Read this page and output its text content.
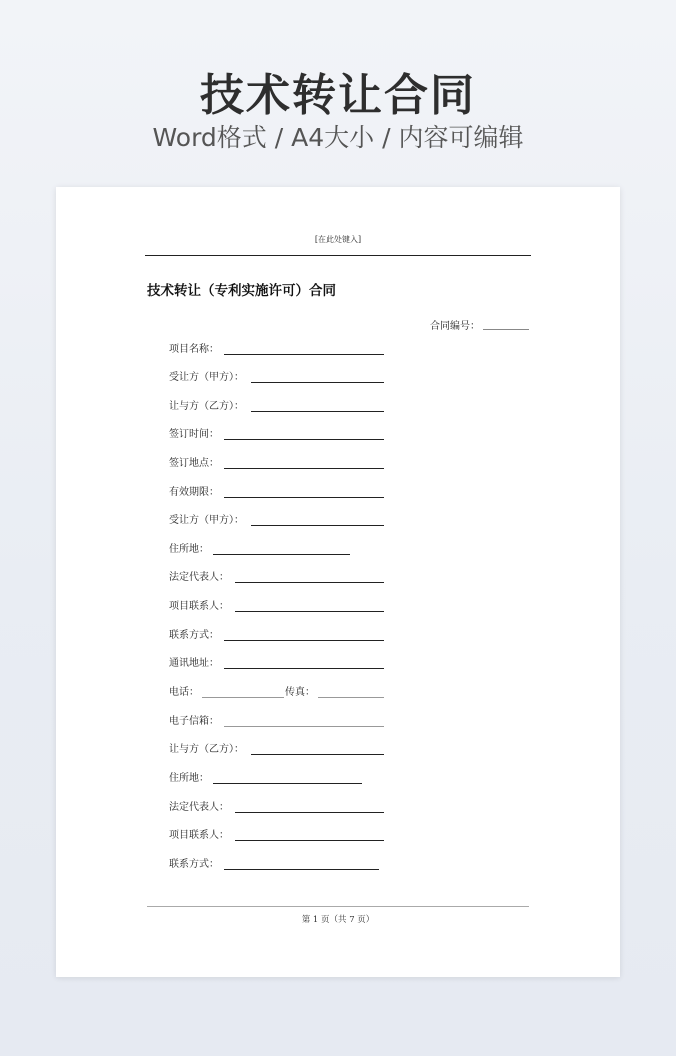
技术转让合同
Word格式 / A4大小 / 内容可编辑
[在此处键入]
技术转让（专利实施许可）合同
合同编号：
项目名称：
受让方（甲方）：
让与方（乙方）：
签订时间：
签订地点：
有效期限：
受让方（甲方）：
住所地：
法定代表人：
项目联系人：
联系方式：
通讯地址：
电话：	传真：
电子信箱：
让与方（乙方）：
住所地：
法定代表人：
项目联系人：
联系方式：
第 1 页（共 7 页）
